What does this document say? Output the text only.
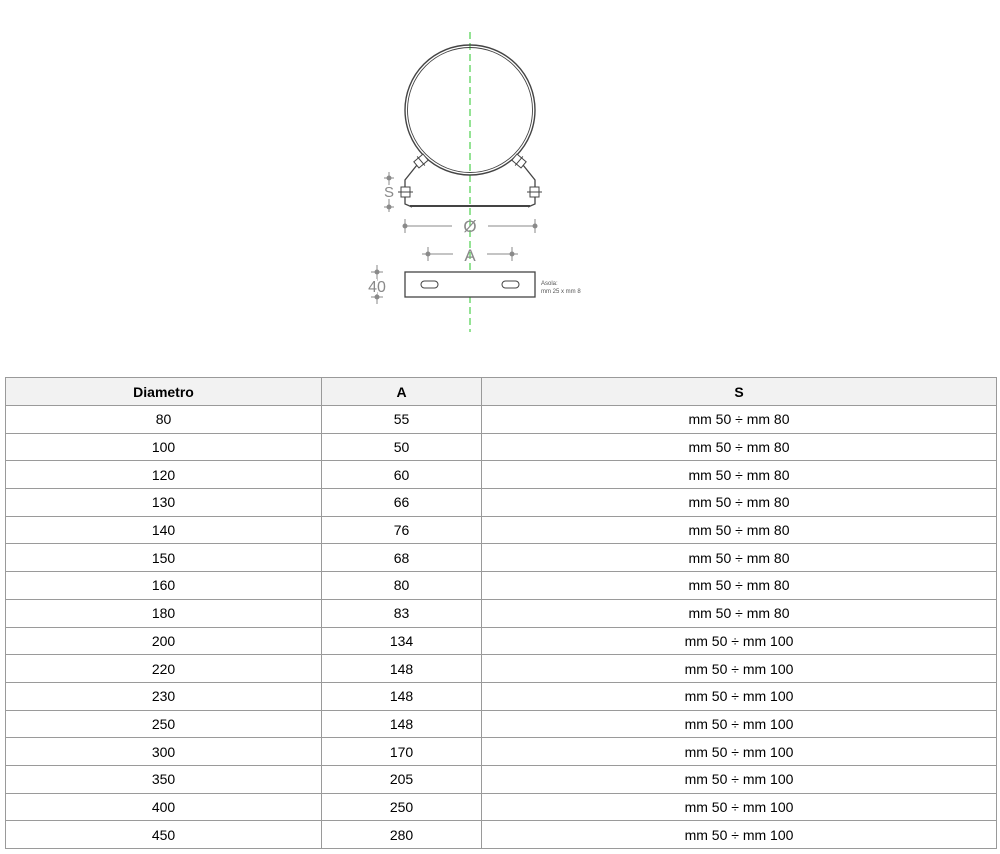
S
Ø
A
40	Asola:
mm 25 x mm 8
Diametro	A	S
80	55	mm 50 ÷ mm 80
100	50	mm 50 ÷ mm 80
120	60	mm 50 ÷ mm 80
130	66	mm 50 ÷ mm 80
140	76	mm 50 ÷ mm 80
150	68	mm 50 ÷ mm 80
160	80	mm 50 ÷ mm 80
180	83	mm 50 ÷ mm 80
200	134	mm 50 ÷ mm 100
220	148	mm 50 ÷ mm 100
230	148	mm 50 ÷ mm 100
250	148	mm 50 ÷ mm 100
300	170	mm 50 ÷ mm 100
350	205	mm 50 ÷ mm 100
400	250	mm 50 ÷ mm 100
450	280	mm 50 ÷ mm 100
